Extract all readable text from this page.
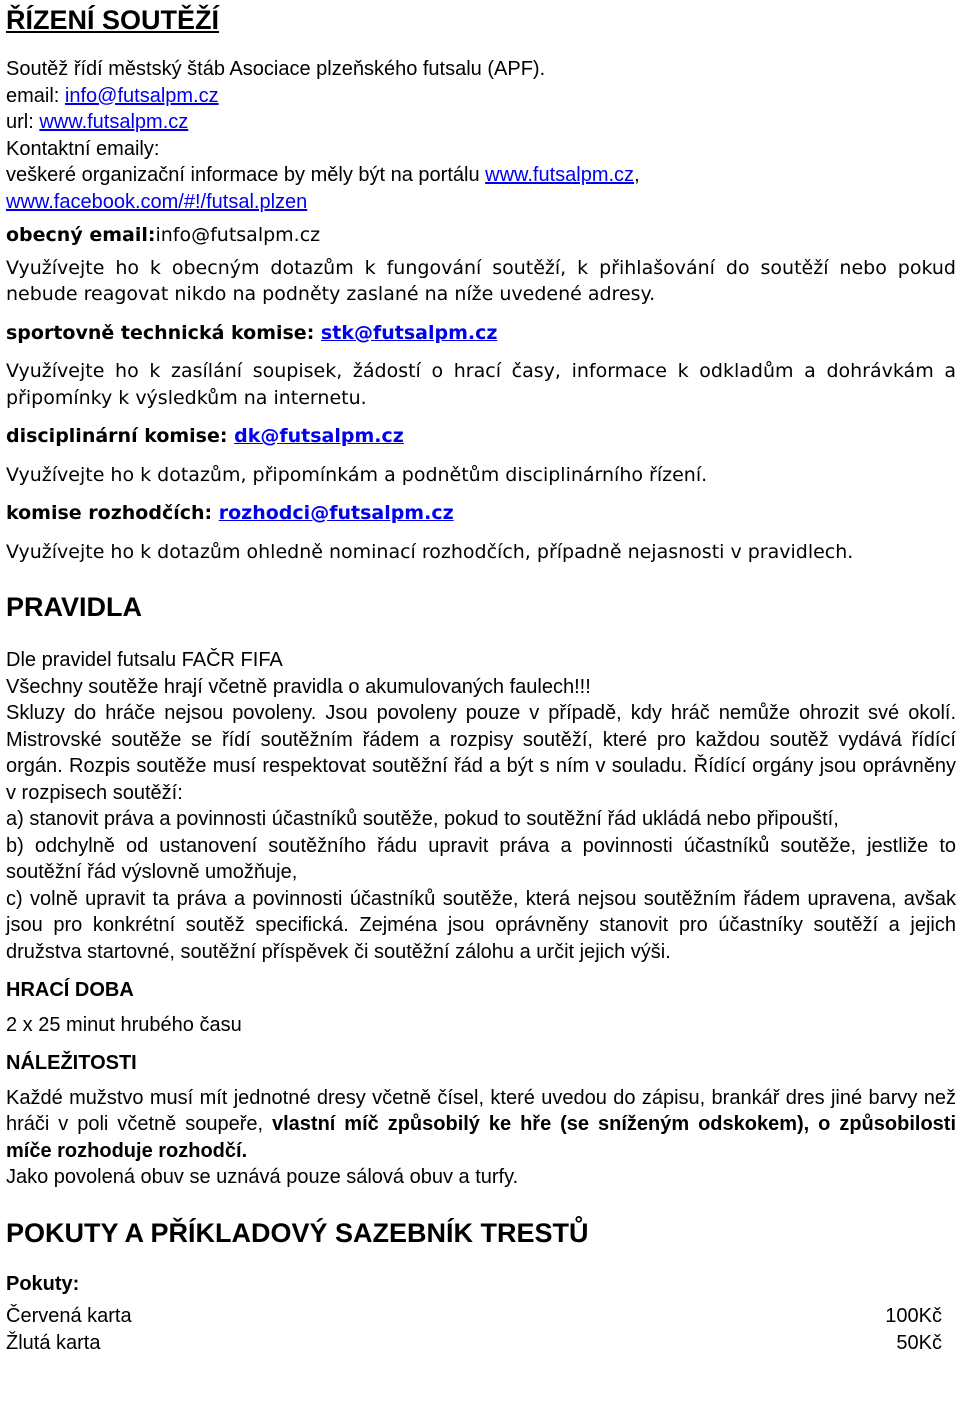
ŘÍZENÍ SOUTĚŽÍ
Soutěž řídí městský štáb Asociace plzeňského futsalu (APF).
email: info@futsalpm.cz
url: www.futsalpm.cz
Kontaktní emaily:
veškeré organizační informace by měly být na portálu www.futsalpm.cz,
www.facebook.com/#!/futsal.plzen
obecný email:info@futsalpm.cz
Využívejte ho k obecným dotazům k fungování soutěží, k přihlašování do soutěží nebo pokud nebude reagovat nikdo na podněty zaslané na níže uvedené adresy.
sportovně technická komise: stk@futsalpm.cz
Využívejte ho k zasílání soupisek, žádostí o hrací časy, informace k odkladům a dohrávkám a připomínky k výsledkům na internetu.
disciplinární komise: dk@futsalpm.cz
Využívejte ho k dotazům, připomínkám a podnětům disciplinárního řízení.
komise rozhodčích: rozhodci@futsalpm.cz
Využívejte ho k dotazům ohledně nominací rozhodčích, případně nejasnosti v pravidlech.
PRAVIDLA
Dle pravidel futsalu FAČR FIFA
Všechny soutěže hrají včetně pravidla o akumulovaných faulech!!!
Skluzy do hráče nejsou povoleny. Jsou povoleny pouze v případě, kdy hráč nemůže ohrozit své okolí. Mistrovské soutěže se řídí soutěžním řádem a rozpisy soutěží, které pro každou soutěž vydává řídící orgán. Rozpis soutěže musí respektovat soutěžní řád a být s ním v souladu. Řídící orgány jsou oprávněny v rozpisech soutěží:
a) stanovit práva a povinnosti účastníků soutěže, pokud to soutěžní řád ukládá nebo připouští,
b) odchylně od ustanovení soutěžního řádu upravit práva a povinnosti účastníků soutěže, jestliže to soutěžní řád výslovně umožňuje,
c) volně upravit ta práva a povinnosti účastníků soutěže, která nejsou soutěžním řádem upravena, avšak jsou pro konkrétní soutěž specifická. Zejména jsou oprávněny stanovit pro účastníky soutěží a jejich družstva startovné, soutěžní příspěvek či soutěžní zálohu a určit jejich výši.
HRACÍ DOBA
2 x 25 minut hrubého času
NÁLEŽITOSTI
Každé mužstvo musí mít jednotné dresy včetně čísel, které uvedou do zápisu, brankář dres jiné barvy než hráči v poli včetně soupeře, vlastní míč způsobilý ke hře (se sníženým odskokem), o způsobilosti míče rozhoduje rozhodčí.
Jako povolená obuv se uznává pouze sálová obuv a turfy.
POKUTY A PŘÍKLADOVÝ SAZEBNÍK TRESTŮ
Pokuty:
Červená karta	100Kč
Žlutá karta	50Kč
